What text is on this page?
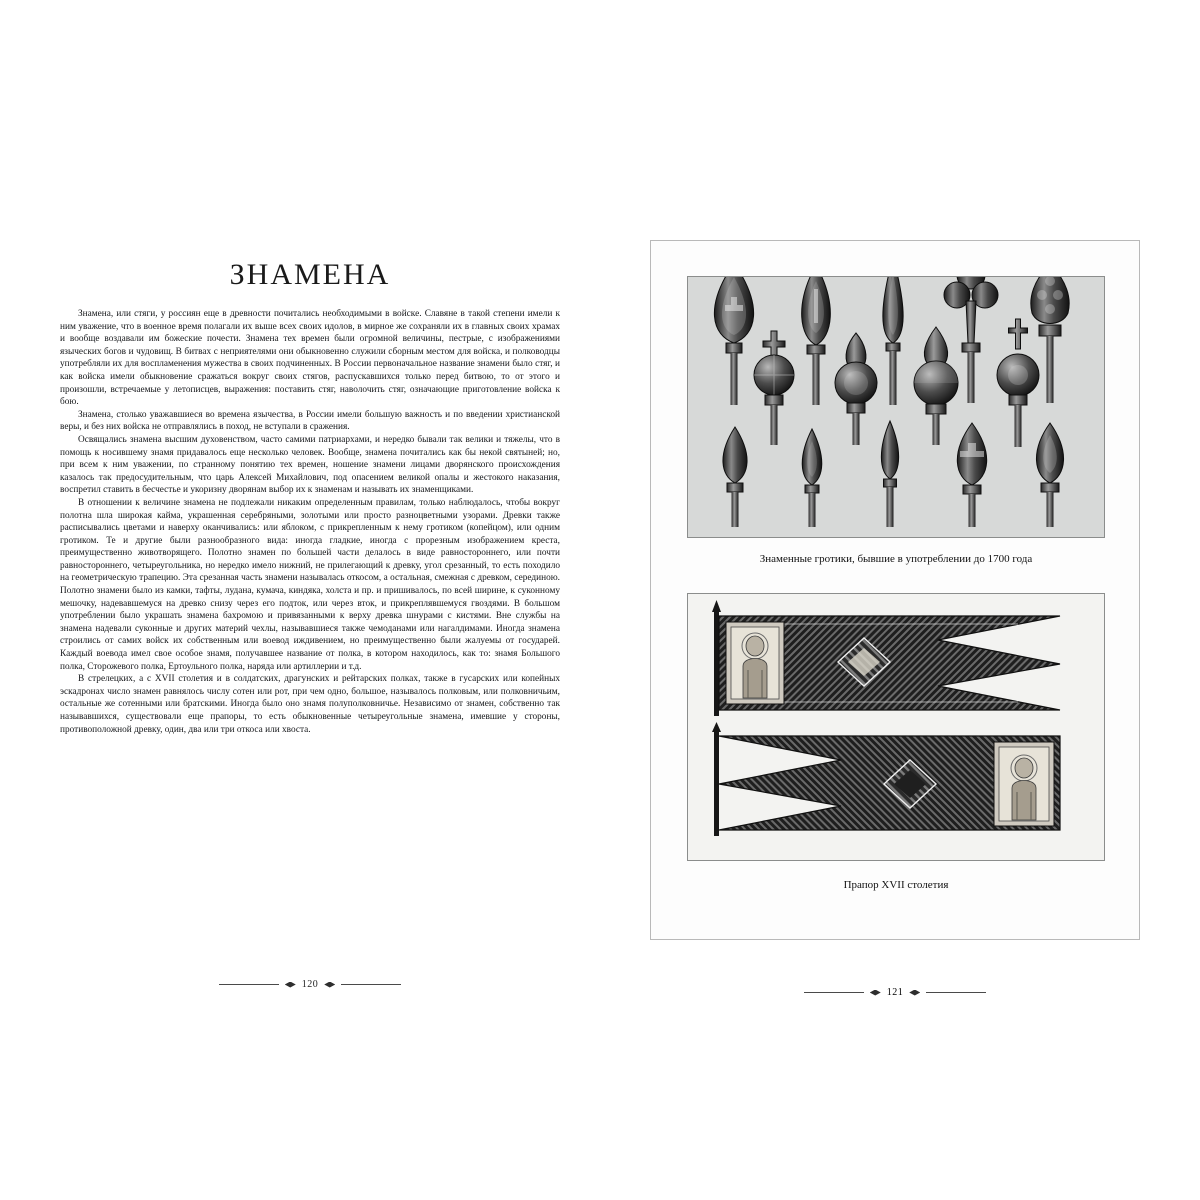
ЗНАМЕНА

Знамена, или стяги, у россиян еще в древности почитались необходимыми в войске. Славяне в такой степени имели к ним уважение, что в военное время полагали их выше всех своих идолов, в мирное же сохраняли их в главных своих храмах и вообще воздавали им божеские почести. Знамена тех времен были огромной величины, пестрые, с изображениями языческих богов и чудовищ. В битвах с неприятелями они обыкновенно служили сборным местом для войска, и полководцы употребляли их для воспламенения мужества в своих подчиненных. В России первоначальное название знамени было стяг, и как войска имели обыкновение сражаться вокруг своих стягов, распускавшихся только перед битвою, то от этого и произошли, встречаемые у летописцев, выражения: поставить стяг, наволочить стяг, означающие приготовление войска к бою.

Знамена, столько уважавшиеся во времена язычества, в России имели большую важность и по введении христианской веры, и без них войска не отправлялись в поход, не вступали в сражения.

Освящались знамена высшим духовенством, часто самими патриархами, и нередко бывали так велики и тяжелы, что в помощь к носившему знамя придавалось еще несколько человек. Вообще, знамена почитались как бы некой святыней; но, при всем к ним уважении, по странному понятию тех времен, ношение знамени лицами дворянского происхождения казалось так предосудительным, что царь Алексей Михайлович, под опасением великой опалы и жестокого наказания, воспретил ставить в бесчестье и укоризну дворянам выбор их к знаменам и называть их знаменщиками.

В отношении к величине знамена не подлежали никаким определенным правилам, только наблюдалось, чтобы вокруг полотна шла широкая кайма, украшенная серебряными, золотыми или просто разноцветными узорами. Древки также расписывались цветами и наверху оканчивались: или яблоком, с прикрепленным к нему гротиком (копейцом), или одним гротиком. Те и другие были разнообразного вида: иногда гладкие, иногда с прорезным изображением креста, преимущественно животворящего. Полотно знамен по большей части делалось в виде равностороннего, или почти равностороннего, четыреугольника, но нередко имело нижний, не прилегающий к древку, угол срезанный, то есть походило на геометрическую трапецию. Эта срезанная часть знамени называлась откосом, а остальная, смежная с древком, серединою. Полотно знамени было из камки, тафты, лудана, кумача, киндяка, холста и пр. и пришивалось, по всей ширине, к суконному мешочку, надевавшемуся на древко снизу через его подток, или через вток, и прикреплявшемуся гвоздями. В большом употреблении было украшать знамена бахромою и привязанными к верху древка шнурами с кистями. Вне службы на знамена надевали суконные и других материй чехлы, называвшиеся также чемоданами или нагалдимами. Иногда знамена строились от самих войск их собственным или воевод иждивением, но преимущественно были жалуемы от государей. Каждый воевода имел свое особое знамя, получавшее название от полка, в котором находилось, как то: знамя Большого полка, Сторожевого полка, Ертоульного полка, наряда или артиллерии и т.д.

В стрелецких, а с XVII столетия и в солдатских, драгунских и рейтарских полках, также в гусарских или копейных эскадронах число знамен равнялось числу сотен или рот, при чем одно, большое, называлось полковым, или полковничьим, остальные же сотенными или братскими. Иногда было оно знамя полуполковничье. Независимо от знамен, собственно так называвшихся, существовали еще прапоры, то есть обыкновенные четыреугольные знамена, имевшие у стороны, противоположной древку, один, два или три откоса или хвоста.

120
Знаменные гротики, бывшие в употреблении до 1700 года
Прапор XVII столетия
121
